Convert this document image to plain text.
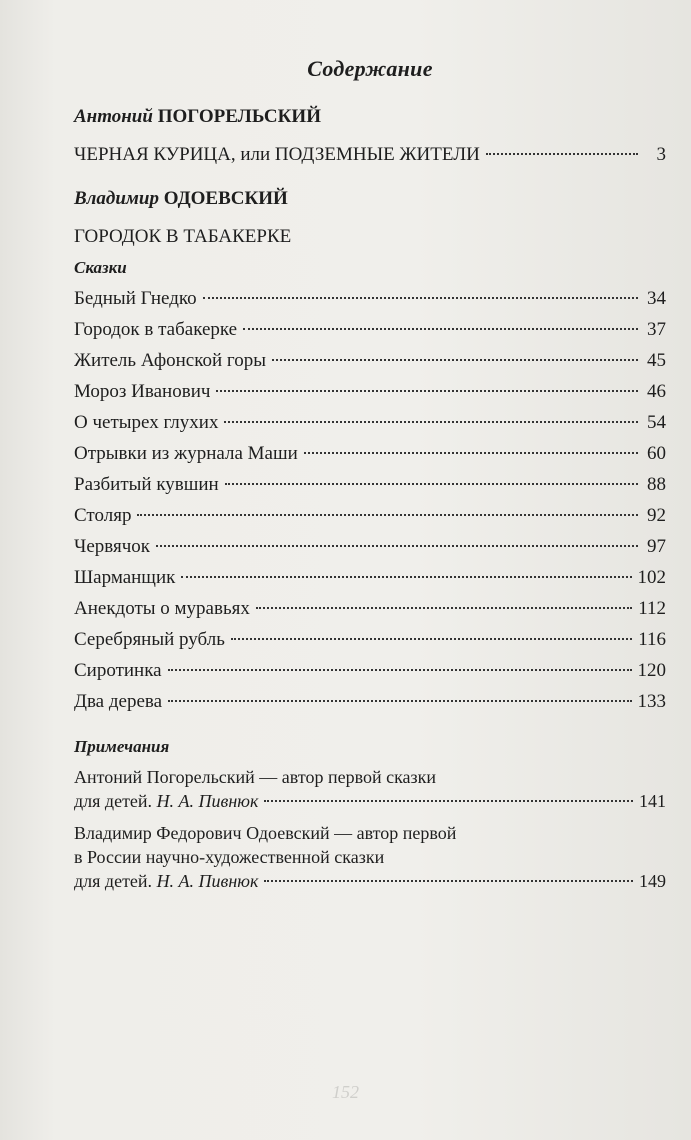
Содержание
Антоний ПОГОРЕЛЬСКИЙ
ЧЕРНАЯ КУРИЦА, или ПОДЗЕМНЫЕ ЖИТЕЛИ	3
Владимир ОДОЕВСКИЙ
ГОРОДОК В ТАБАКЕРКЕ
Сказки
Бедный Гнедко	34
Городок в табакерке	37
Житель Афонской горы	45
Мороз Иванович	46
О четырех глухих	54
Отрывки из журнала Маши	60
Разбитый кувшин	88
Столяр	92
Червячок	97
Шарманщик	102
Анекдоты о муравьях	112
Серебряный рубль	116
Сиротинка	120
Два дерева	133
Примечания
Антоний Погорельский — автор первой сказки
для детей. Н. А. Пивнюк	141
Владимир Федорович Одоевский — автор первой
в России научно-художественной сказки
для детей. Н. А. Пивнюк	149
152
